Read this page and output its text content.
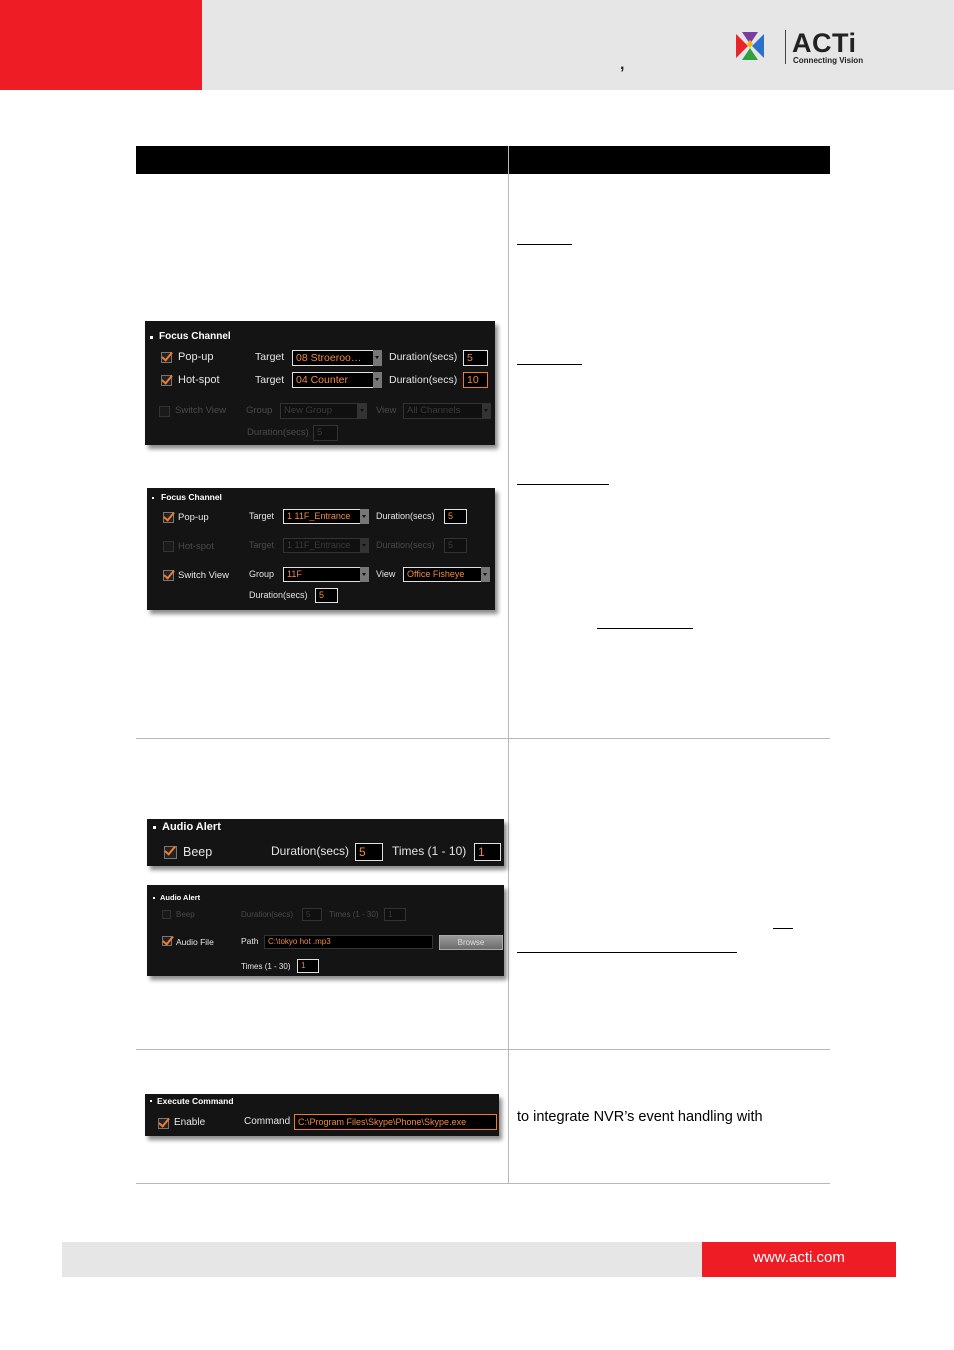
,
ACTi
Connecting Vision
Focus Channel
Pop-up	Target	08 Stroeroo…	Duration(secs) 5
Hot-spot	Target	04 Counter	Duration(secs) 10
Switch View Group	New Group	View	All Channels
Duration(secs) 5
Focus Channel
Pop-up	Target	1 11F_Entrance	Duration(secs)	5
Hot-spot	Target	1 11F_Entrance	Duration(secs)	5
Switch View Group	11F	View	Office Fisheye
Duration(secs)	5
Audio Alert
Beep	Duration(secs) 5	Times (1 - 10) 1
Audio Alert
Beep	Duration(secs)	5	Times (1 - 30)	1
Audio File	Path	C:\tokyo hot .mp3	Browse
Times (1 - 30)	1
Execute Command
Enable	Command C:\Program Files\Skype\Phone\Skype.exe	to integrate NVR’s event handling with
www.acti.com
